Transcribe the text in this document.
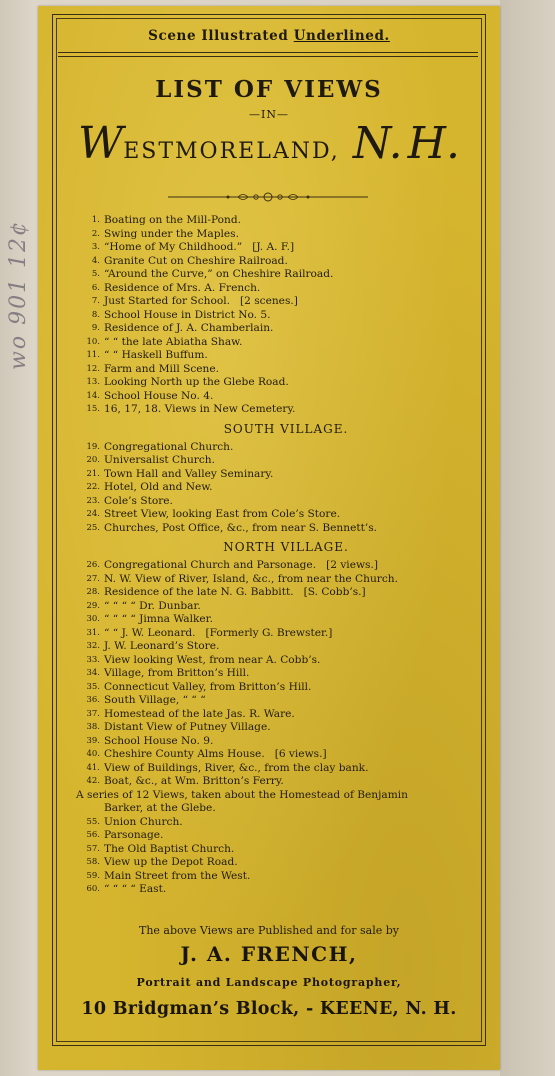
wo 901 12¢
Scene Illustrated Underlined.
LIST OF VIEWS
—IN—
WESTMORELAND, N. H.
1. Boating on the Mill-Pond.
2. Swing under the Maples.
3. “Home of My Childhood.” [J. A. F.]
4. Granite Cut on Cheshire Railroad.
5. “Around the Curve,” on Cheshire Railroad.
6. Residence of Mrs. A. French.
7. Just Started for School. [2 scenes.]
8. School House in District No. 5.
9. Residence of J. A. Chamberlain.
10. “ “ the late Abiatha Shaw.
11. “ “ Haskell Buffum.
12. Farm and Mill Scene.
13. Looking North up the Glebe Road.
14. School House No. 4.
15. 16, 17, 18. Views in New Cemetery.
SOUTH VILLAGE.
19. Congregational Church.
20. Universalist Church.
21. Town Hall and Valley Seminary.
22. Hotel, Old and New.
23. Cole’s Store.
24. Street View, looking East from Cole’s Store.
25. Churches, Post Office, &c., from near S. Bennett’s.
NORTH VILLAGE.
26. Congregational Church and Parsonage. [2 views.]
27. N. W. View of River, Island, &c., from near the Church.
28. Residence of the late N. G. Babbitt. [S. Cobb’s.]
29. “ “ “ “ Dr. Dunbar.
30. “ “ “ “ Jimna Walker.
31. “ “ J. W. Leonard. [Formerly G. Brewster.]
32. J. W. Leonard’s Store.
33. View looking West, from near A. Cobb’s.
34. Village, from Britton’s Hill.
35. Connecticut Valley, from Britton’s Hill.
36. South Village, “ “ “
37. Homestead of the late Jas. R. Ware.
38. Distant View of Putney Village.
39. School House No. 9.
40. Cheshire County Alms House. [6 views.]
41. View of Buildings, River, &c., from the clay bank.
42. Boat, &c., at Wm. Britton’s Ferry.
A series of 12 Views, taken about the Homestead of Benjamin
Barker, at the Glebe.
55. Union Church.
56. Parsonage.
57. The Old Baptist Church.
58. View up the Depot Road.
59. Main Street from the West.
60. “ “ “ “ East.
The above Views are Published and for sale by
J. A. FRENCH,
Portrait and Landscape Photographer,
10 Bridgman’s Block, - KEENE, N. H.
